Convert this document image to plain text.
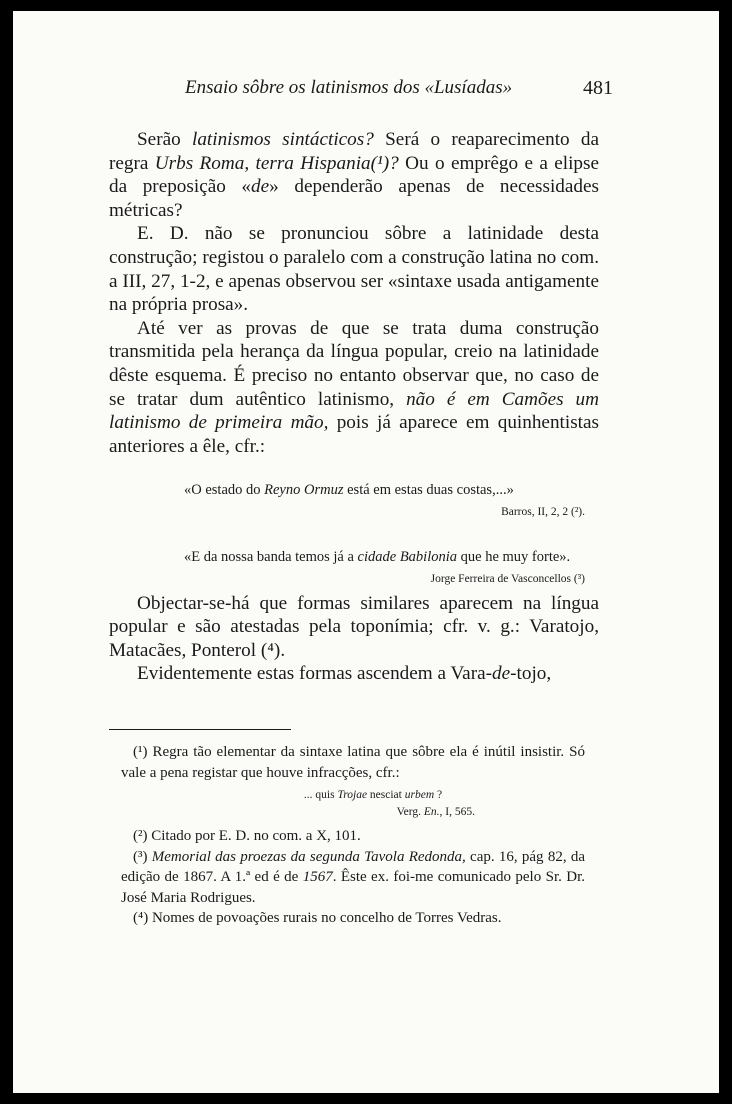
Ensaio sôbre os latinismos dos «Lusíadas»	481

Serão latinismos sintácticos? Será o reaparecimento da regra Urbs Roma, terra Hispania(¹)? Ou o emprêgo e a elipse da preposição «de» dependerão apenas de necessidades métricas?

E. D. não se pronunciou sôbre a latinidade desta construção; registou o paralelo com a construção latina no com. a III, 27, 1-2, e apenas observou ser «sintaxe usada antigamente na própria prosa».

Até ver as provas de que se trata duma construção transmitida pela herança da língua popular, creio na latinidade dêste esquema. É preciso no entanto observar que, no caso de se tratar dum autêntico latinismo, não é em Camões um latinismo de primeira mão, pois já aparece em quinhentistas anteriores a êle, cfr.:

«O estado do Reyno Ormuz está em estas duas costas,...»

Barros, II, 2, 2 (²).

«E da nossa banda temos já a cidade Babilonia que he muy forte».

Jorge Ferreira de Vasconcellos (³)

Objectar-se-há que formas similares aparecem na língua popular e são atestadas pela toponímia; cfr. v. g.: Varatojo, Matacães, Ponterol (⁴).

Evidentemente estas formas ascendem a Vara-de-tojo,

(¹) Regra tão elementar da sintaxe latina que sôbre ela é inútil insistir. Só vale a pena registar que houve infracções, cfr.:

... quis Trojae nesciat urbem ?
Verg. En., I, 565.

(²) Citado por E. D. no com. a X, 101.

(³) Memorial das proezas da segunda Tavola Redonda, cap. 16, pág 82, da edição de 1867. A 1.ª ed é de 1567. Êste ex. foi-me comunicado pelo Sr. Dr. José Maria Rodrigues.

(⁴) Nomes de povoações rurais no concelho de Torres Vedras.
